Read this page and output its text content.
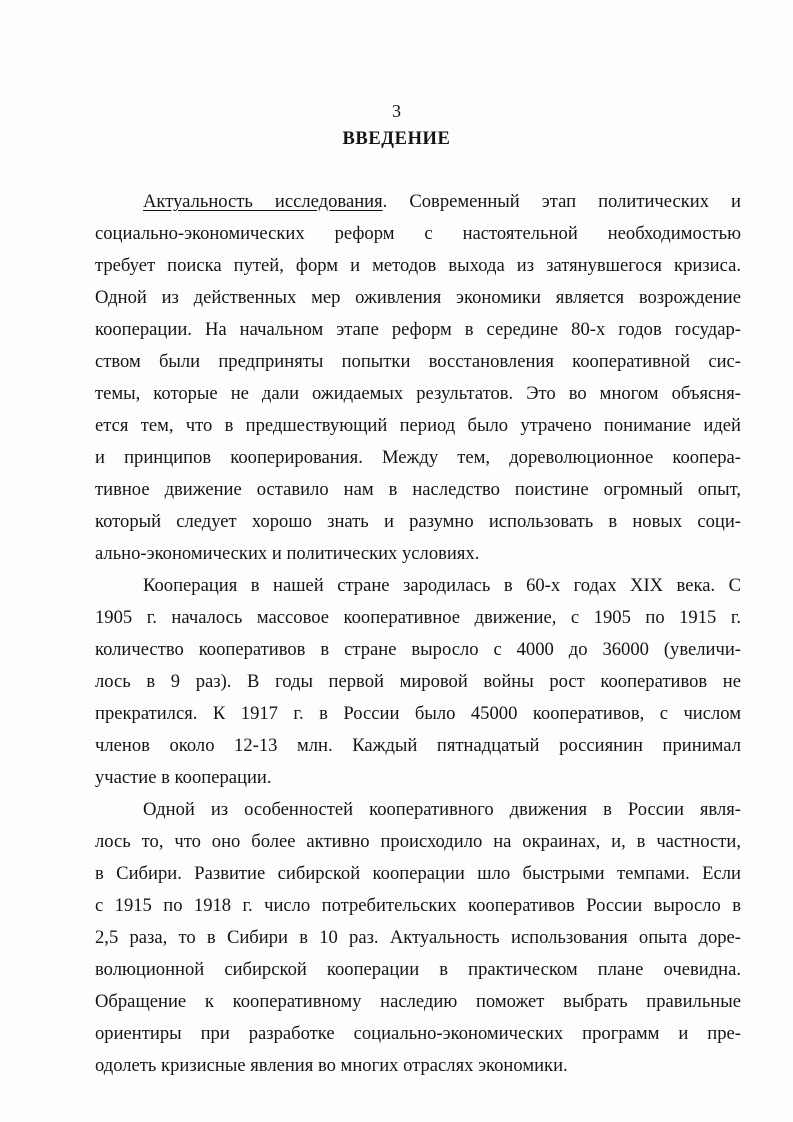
3
ВВЕДЕНИЕ
Актуальность исследования. Современный этап политических и
социально-экономических реформ с настоятельной необходимостью
требует поиска путей, форм и методов выхода из затянувшегося кризиса.
Одной из действенных мер оживления экономики является возрождение
кооперации. На начальном этапе реформ в середине 80-х годов государ-
ством были предприняты попытки восстановления кооперативной сис-
темы, которые не дали ожидаемых результатов. Это во многом объясня-
ется тем, что в предшествующий период было утрачено понимание идей
и принципов кооперирования. Между тем, дореволюционное коопера-
тивное движение оставило нам в наследство поистине огромный опыт,
который следует хорошо знать и разумно использовать в новых соци-
ально-экономических и политических условиях.
Кооперация в нашей стране зародилась в 60-х годах XIX века. С
1905 г. началось массовое кооперативное движение, с 1905 по 1915 г.
количество кооперативов в стране выросло с 4000 до 36000 (увеличи-
лось в 9 раз). В годы первой мировой войны рост кооперативов не
прекратился. К 1917 г. в России было 45000 кооперативов, с числом
членов около 12-13 млн. Каждый пятнадцатый россиянин принимал
участие в кооперации.
Одной из особенностей кооперативного движения в России явля-
лось то, что оно более активно происходило на окраинах, и, в частности,
в Сибири. Развитие сибирской кооперации шло быстрыми темпами. Если
с 1915 по 1918 г. число потребительских кооперативов России выросло в
2,5 раза, то в Сибири в 10 раз. Актуальность использования опыта доре-
волюционной сибирской кооперации в практическом плане очевидна.
Обращение к кооперативному наследию поможет выбрать правильные
ориентиры при разработке социально-экономических программ и пре-
одолеть кризисные явления во многих отраслях экономики.
